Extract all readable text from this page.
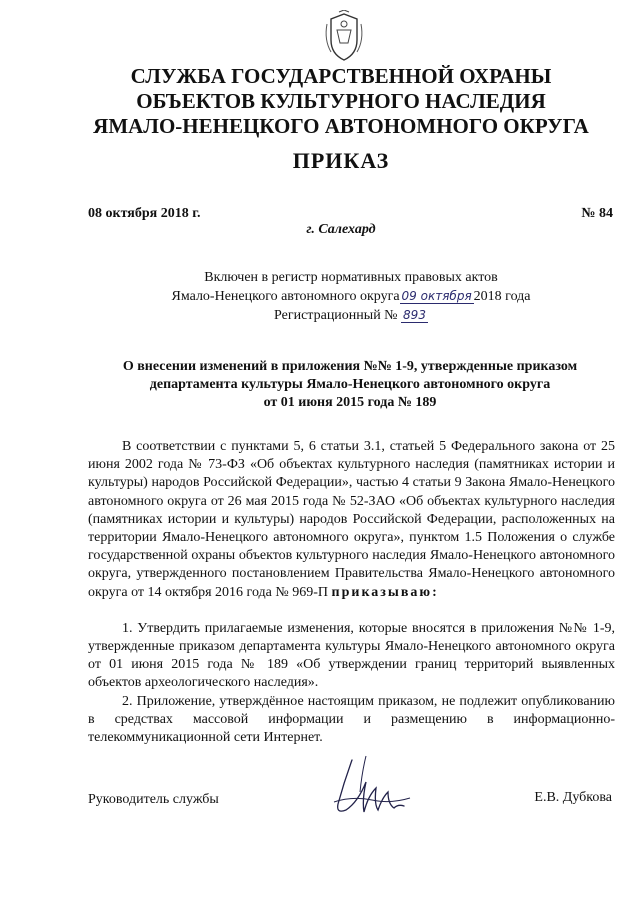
СЛУЖБА ГОСУДАРСТВЕННОЙ ОХРАНЫ
ОБЪЕКТОВ КУЛЬТУРНОГО НАСЛЕДИЯ
ЯМАЛО-НЕНЕЦКОГО АВТОНОМНОГО ОКРУГА
ПРИКАЗ
08 октября 2018 г.	№ 84
г. Салехард
Включен в регистр нормативных правовых актов
Ямало-Ненецкого автономного округа 09 октября 2018 года
Регистрационный № 893
О внесении изменений в приложения №№ 1-9, утвержденные приказом
департамента культуры Ямало-Ненецкого автономного округа
от 01 июня 2015 года № 189

В соответствии с пунктами 5, 6 статьи 3.1, статьей 5 Федерального закона от 25 июня 2002 года № 73-ФЗ «Об объектах культурного наследия (памятниках истории и культуры) народов Российской Федерации», частью 4 статьи 9 Закона Ямало-Ненецкого автономного округа от 26 мая 2015 года № 52-ЗАО «Об объектах культурного наследия (памятниках истории и культуры) народов Российской Федерации, расположенных на территории Ямало-Ненецкого автономного округа», пунктом 1.5 Положения о службе государственной охраны объектов культурного наследия Ямало-Ненецкого автономного округа, утвержденного постановлением Правительства Ямало-Ненецкого автономного округа от 14 октября 2016 года № 969-П приказываю:

1. Утвердить прилагаемые изменения, которые вносятся в приложения №№ 1-9, утвержденные приказом департамента культуры Ямало-Ненецкого автономного округа от 01 июня 2015 года № 189 «Об утверждении границ территорий выявленных объектов археологического наследия».

2. Приложение, утверждённое настоящим приказом, не подлежит опубликованию в средствах массовой информации и размещению в информационно-телекоммуникационной сети Интернет.

Руководитель службы	Е.В. Дубкова
